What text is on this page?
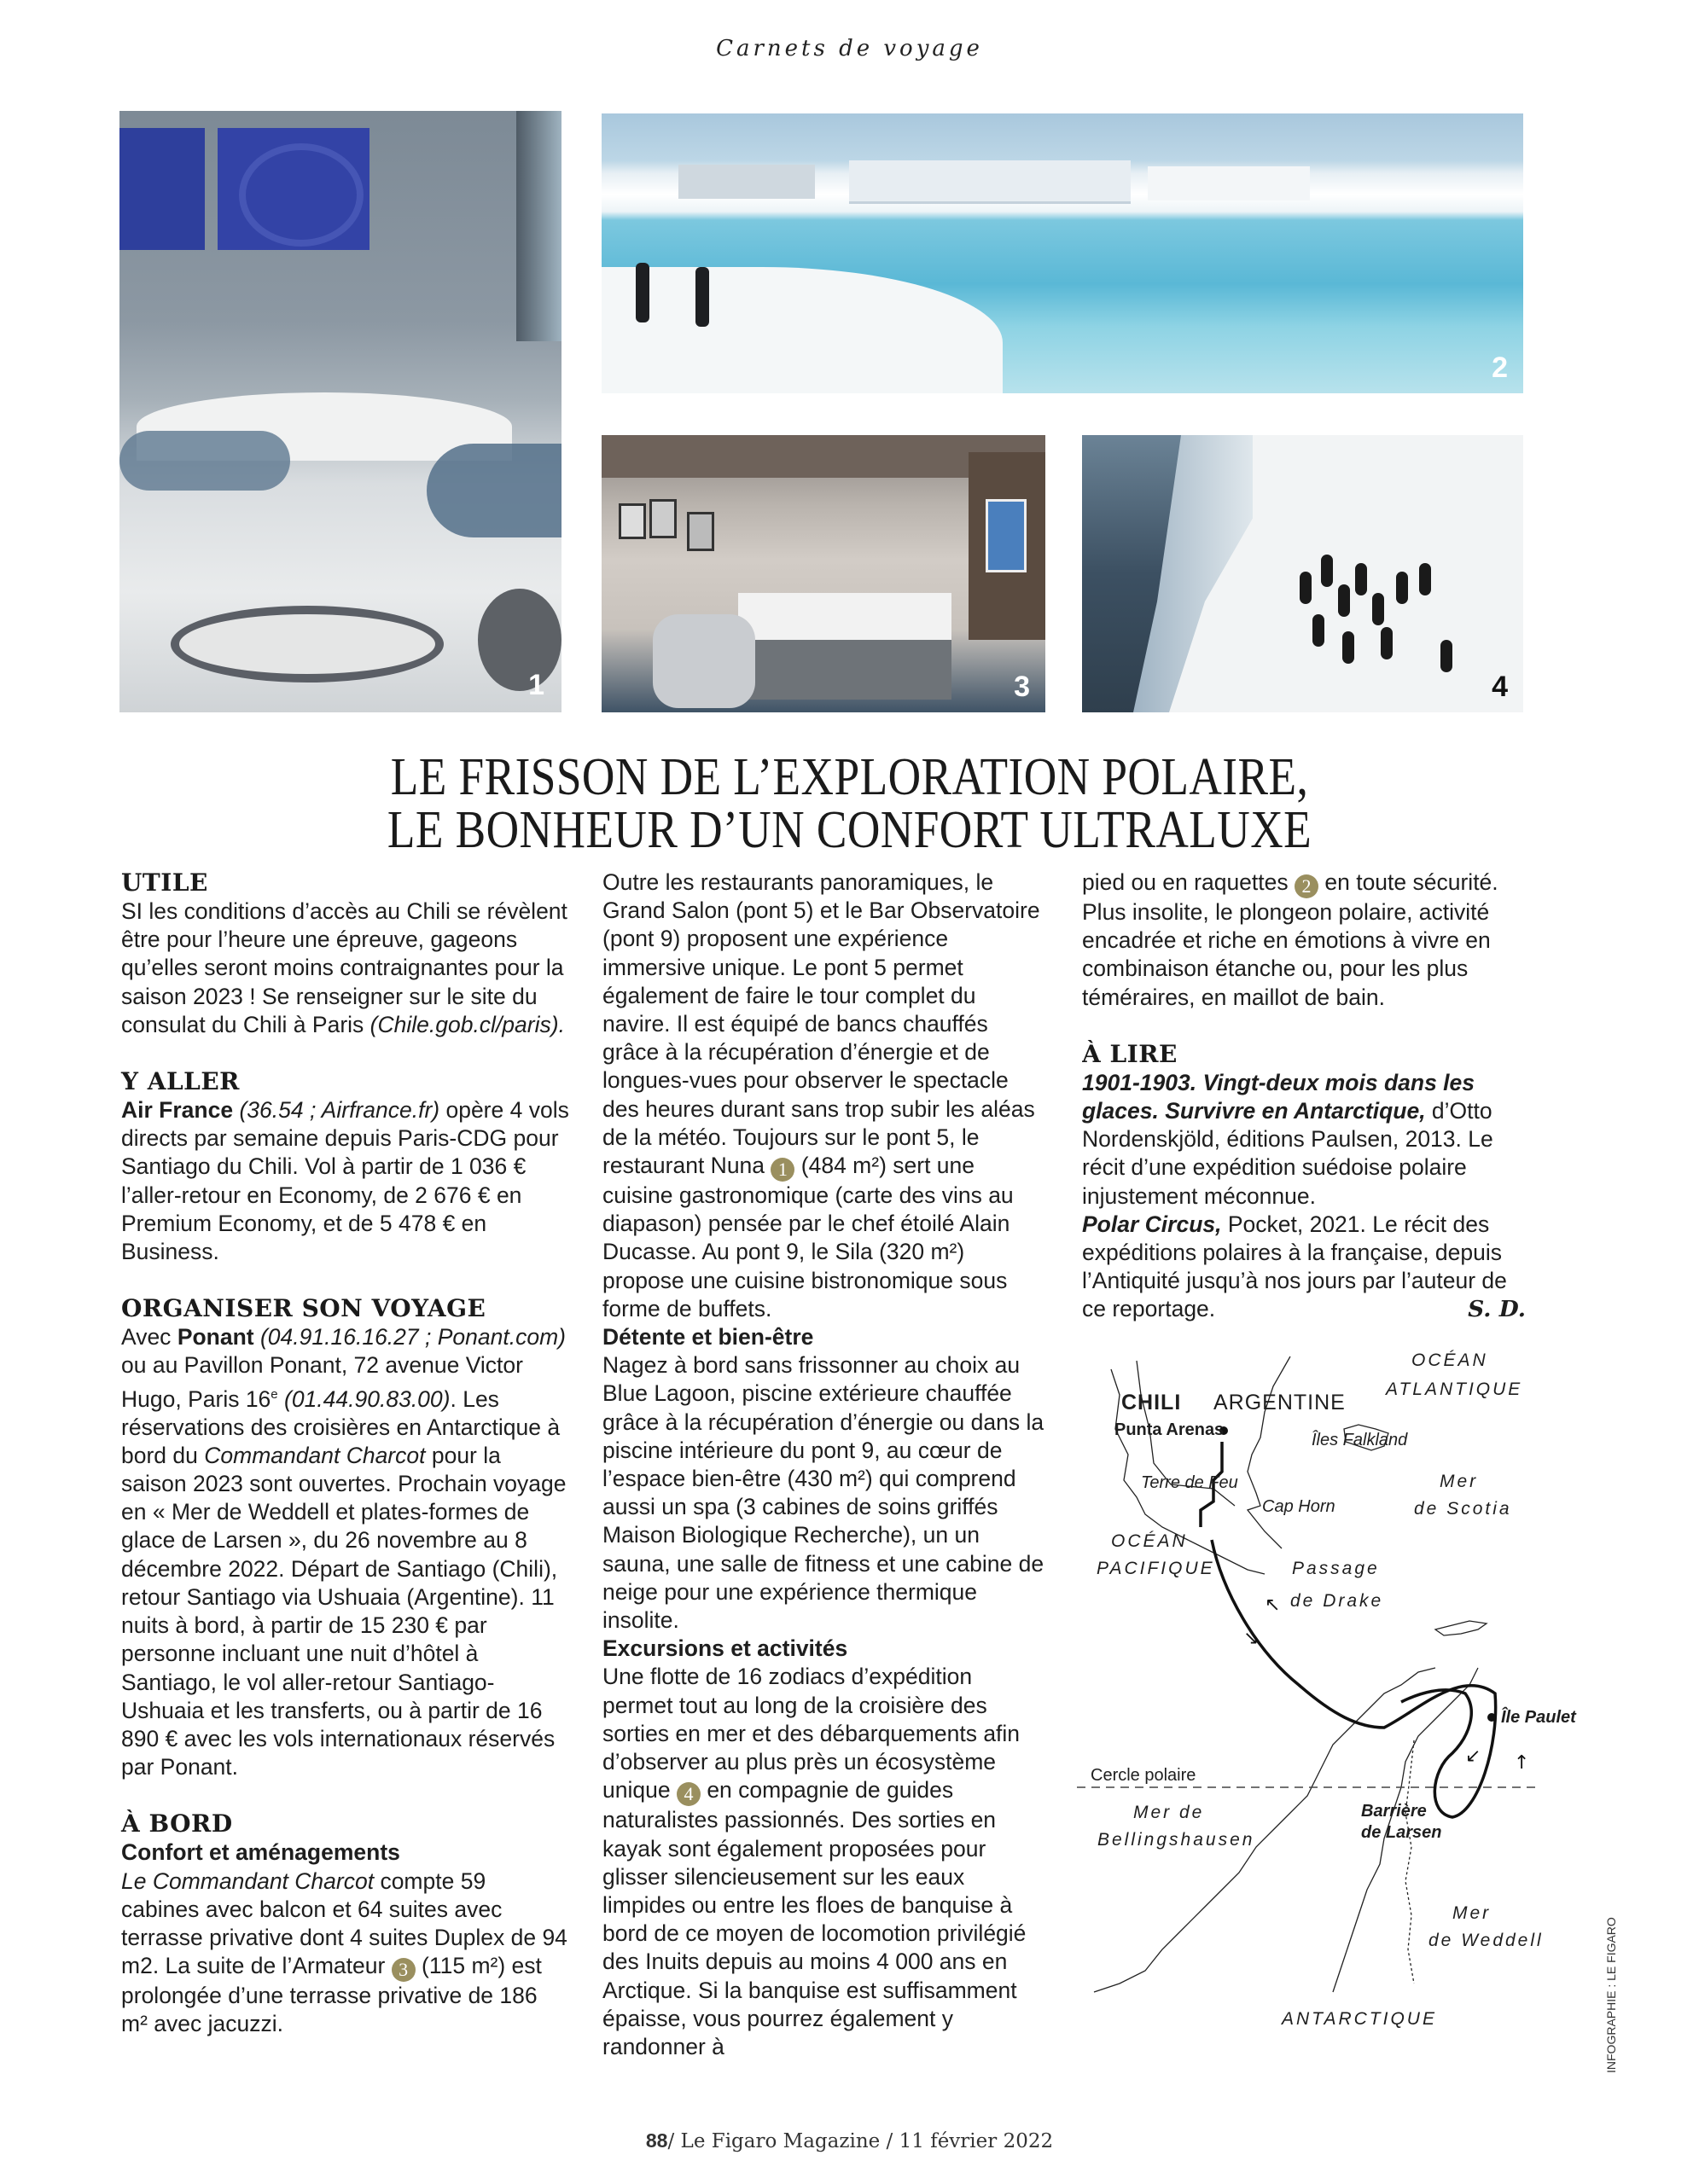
Carnets de voyage
1
2
3	4
LE FRISSON DE L’EXPLORATION POLAIRE,
LE BONHEUR D’UN CONFORT ULTRALUXE
UTILE

SI les conditions d’accès au Chili se révèlent être pour l’heure une épreuve, gageons qu’elles seront moins contraignantes pour la saison 2023 ! Se renseigner sur le site du consulat du Chili à Paris (Chile.gob.cl/paris).

Y ALLER

Air France (36.54 ; Airfrance.fr) opère 4 vols directs par semaine depuis Paris-CDG pour Santiago du Chili. Vol à partir de 1 036 € l’aller-retour en Economy, de 2 676 € en Premium Economy, et de 5 478 € en Business.

ORGANISER SON VOYAGE

Avec Ponant (04.91.16.16.27 ; Ponant.com) ou au Pavillon Ponant, 72 avenue Victor Hugo, Paris 16e (01.44.90.83.00). Les réservations des croisières en Antarctique à bord du Commandant Charcot pour la saison 2023 sont ouvertes. Prochain voyage en « Mer de Weddell et plates-formes de glace de Larsen », du 26 novembre au 8 décembre 2022. Départ de Santiago (Chili), retour Santiago via Ushuaia (Argentine). 11 nuits à bord, à partir de 15 230 € par personne incluant une nuit d’hôtel à Santiago, le vol aller-retour Santiago-Ushuaia et les transferts, ou à partir de 16 890 € avec les vols internationaux réservés par Ponant.

À BORD
Confort et aménagements

Le Commandant Charcot compte 59 cabines avec balcon et 64 suites avec terrasse privative dont 4 suites Duplex de 94 m2. La suite de l’Armateur 3 (115 m²) est prolongée d’une terrasse privative de 186 m² avec jacuzzi.

Outre les restaurants panoramiques, le Grand Salon (pont 5) et le Bar Observatoire (pont 9) proposent une expérience immersive unique. Le pont 5 permet également de faire le tour complet du navire. Il est équipé de bancs chauffés grâce à la récupération d’énergie et de longues-vues pour observer le spectacle des heures durant sans trop subir les aléas de la météo. Toujours sur le pont 5, le restaurant Nuna 1 (484 m²) sert une cuisine gastronomique (carte des vins au diapason) pensée par le chef étoilé Alain Ducasse. Au pont 9, le Sila (320 m²) propose une cuisine bistronomique sous forme de buffets.

Détente et bien-être

Nagez à bord sans frissonner au choix au Blue Lagoon, piscine extérieure chauffée grâce à la récupération d’énergie ou dans la piscine intérieure du pont 9, au cœur de l’espace bien-être (430 m²) qui comprend aussi un spa (3 cabines de soins griffés Maison Biologique Recherche), un un sauna, une salle de fitness et une cabine de neige pour une expérience thermique insolite.

Excursions et activités

Une flotte de 16 zodiacs d’expédition permet tout au long de la croisière des sorties en mer et des débarquements afin d’observer au plus près un écosystème unique 4 en compagnie de guides naturalistes passionnés. Des sorties en kayak sont également proposées pour glisser silencieusement sur les eaux limpides ou entre les floes de banquise à bord de ce moyen de locomotion privilégié des Inuits depuis au moins 4 000 ans en Arctique. Si la banquise est suffisamment épaisse, vous pourrez également y randonner à

pied ou en raquettes 2 en toute sécurité. Plus insolite, le plongeon polaire, activité encadrée et riche en émotions à vivre en combinaison étanche ou, pour les plus téméraires, en maillot de bain.

À LIRE

1901-1903. Vingt-deux mois dans les glaces. Survivre en Antarctique, d’Otto Nordenskjöld, éditions Paulsen, 2013. Le récit d’une expédition suédoise polaire injustement méconnue.

Polar Circus, Pocket, 2021. Le récit des expéditions polaires à la française, depuis l’Antiquité jusqu’à nos jours par l’auteur de ce reportage.	S. D.

↖
↘
↙ ↑
OCÉAN
ATLANTIQUE
CHILI ARGENTINE
Punta Arenas
Îles Falkland
Terre de Feu
Cap Horn
Mer
de Scotia
OCÉAN
PACIFIQUE	Passage
de Drake
Île Paulet
Cercle polaire
Mer de
Bellingshausen
Barrière
de Larsen
Mer
de Weddell
ANTARCTIQUE	INFOGRAPHIE : LE FIGARO
88/ Le Figaro Magazine / 11 février 2022
